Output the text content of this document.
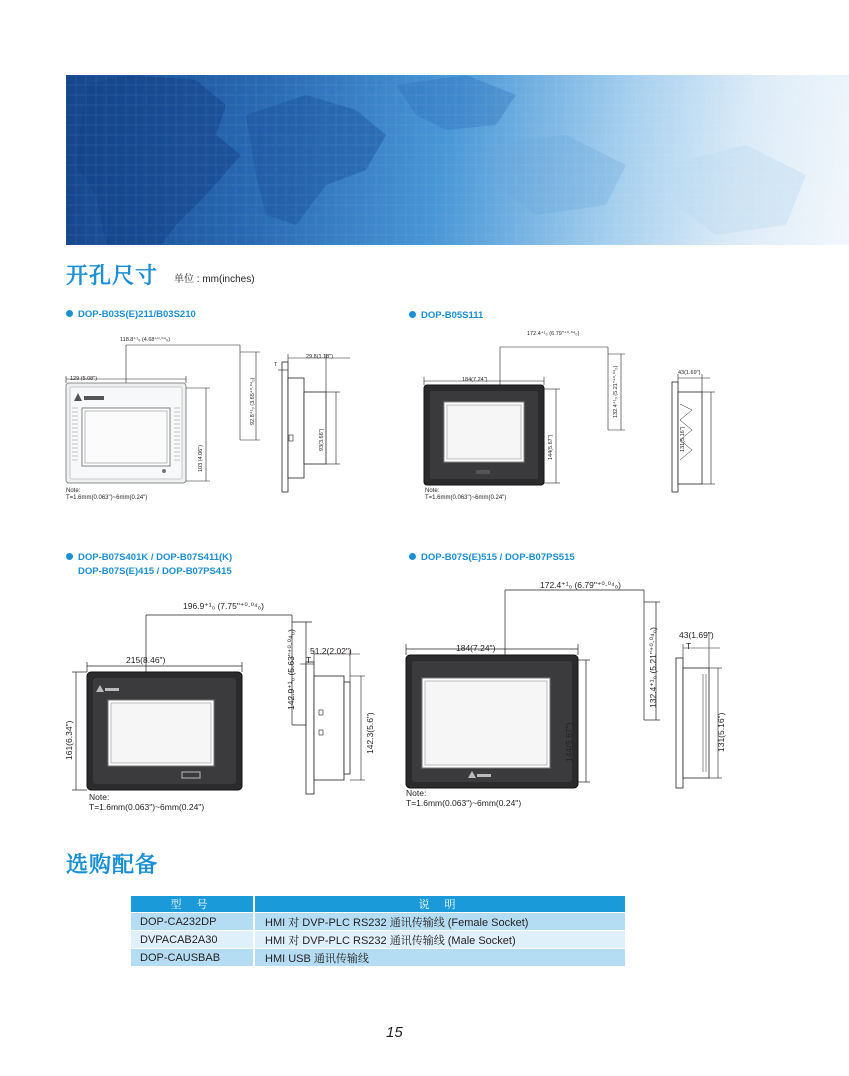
开孔尺寸 单位 : mm(inches)
DOP-B03S(E)211/B03S210
118.8⁺¹₀ (4.68⁺⁰·⁰⁴₀)
129 (5.08")	92.8⁺¹₀ (3.65⁺⁰·⁰⁴₀)
103 (4.06")
29.8(1.18")
93(3.66")
T
Note:
T=1.6mm(0.063")~6mm(0.24")
DOP-B05S111
172.4⁺¹₀ (6.79"⁺⁰·⁰⁴₀)
184(7.24")	132.4⁺¹₀ (5.21"⁺⁰·⁰⁴₀)
144(5.67")
43(1.69")
131(5.16")
Note:
T=1.6mm(0.063")~6mm(0.24")
DOP-B07S401K / DOP-B07S411(K)
DOP-B07S(E)415 / DOP-B07PS415
196.9⁺¹₀ (7.75"⁺⁰·⁰⁴₀)
215(8.46")	142.9⁺¹₀ (5.63"⁺⁰·⁰⁴₀)
161(6.34")
51.2(2.02")
142.3(5.6")
T
Note:
T=1.6mm(0.063")~6mm(0.24")
DOP-B07S(E)515 / DOP-B07PS515
172.4⁺¹₀ (6.79"⁺⁰·⁰⁴₀)
184(7.24")	132.4⁺¹₀ (5.21"⁺⁰·⁰⁴₀)
144(5.67")
43(1.69")
131(5.16")
T
Note:
T=1.6mm(0.063")~6mm(0.24")
选购配备
型 号	说 明
DOP-CA232DP	HMI 对 DVP-PLC RS232 通讯传输线 (Female Socket)
DVPACAB2A30	HMI 对 DVP-PLC RS232 通讯传输线 (Male Socket)
DOP-CAUSBAB	HMI USB 通讯传输线
15
